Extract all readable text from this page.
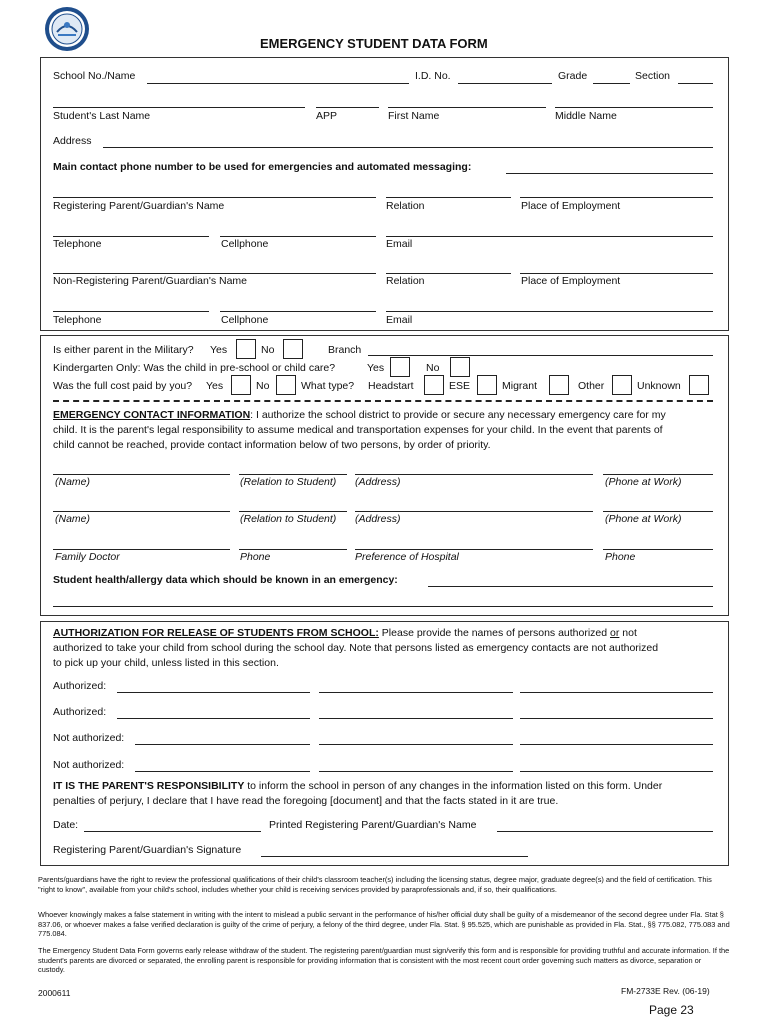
EMERGENCY STUDENT DATA FORM
School No./Name	I.D. No.	Grade	Section
Student's Last Name	APP	First Name	Middle Name
Address
Main contact phone number to be used for emergencies and automated messaging:
Registering Parent/Guardian's Name	Relation	Place of Employment
Telephone	Cellphone	Email
Non-Registering Parent/Guardian's Name	Relation	Place of Employment
Telephone	Cellphone	Email
Is either parent in the Military? Yes	No	Branch
Kindergarten Only: Was the child in pre-school or child care?	Yes	No
Was the full cost paid by you? Yes	No	What type? Headstart	ESE	Migrant	Other	Unknown
EMERGENCY CONTACT INFORMATION: I authorize the school district to provide or secure any necessary emergency care for my
child. It is the parent's legal responsibility to assume medical and transportation expenses for your child. In the event that parents of
child cannot be reached, provide contact information below of two persons, by order of priority.
(Name)	(Relation to Student) (Address)	(Phone at Work)
(Name)	(Relation to Student) (Address)	(Phone at Work)
Family Doctor	Phone	Preference of Hospital	Phone
Student health/allergy data which should be known in an emergency:
AUTHORIZATION FOR RELEASE OF STUDENTS FROM SCHOOL: Please provide the names of persons authorized or not
authorized to take your child from school during the school day. Note that persons listed as emergency contacts are not authorized
to pick up your child, unless listed in this section.
Authorized:
Authorized:
Not authorized:
Not authorized:
IT IS THE PARENT'S RESPONSIBILITY to inform the school in person of any changes in the information listed on this form. Under
penalties of perjury, I declare that I have read the foregoing [document] and that the facts stated in it are true.
Date:	Printed Registering Parent/Guardian's Name
Registering Parent/Guardian's Signature
Parents/guardians have the right to review the professional qualifications of their child's classroom teacher(s) including the licensing status, degree major, graduate degree(s) and the field of certification. This "right to know", available from your child's school, includes whether your child is receiving services provided by paraprofessionals and, if so, their qualifications.
Whoever knowingly makes a false statement in writing with the intent to mislead a public servant in the performance of his/her official duty shall be guilty of a misdemeanor of the second degree under Fla. Stat § 837.06, or whoever makes a false verified declaration is guilty of the crime of perjury, a felony of the third degree, under Fla. Stat. § 95.525, which are punishable as provided in Fla. Stat., §§ 775.082, 775.083 and 775.084.
The Emergency Student Data Form governs early release withdraw of the student. The registering parent/guardian must sign/verify this form and is responsible for providing truthful and accurate information. If the student's parents are divorced or separated, the enrolling parent is responsible for providing information that is consistent with the most recent court order governing such matters as divorce, separation or custody.
2000611	FM-2733E Rev. (06-19)
Page 23
